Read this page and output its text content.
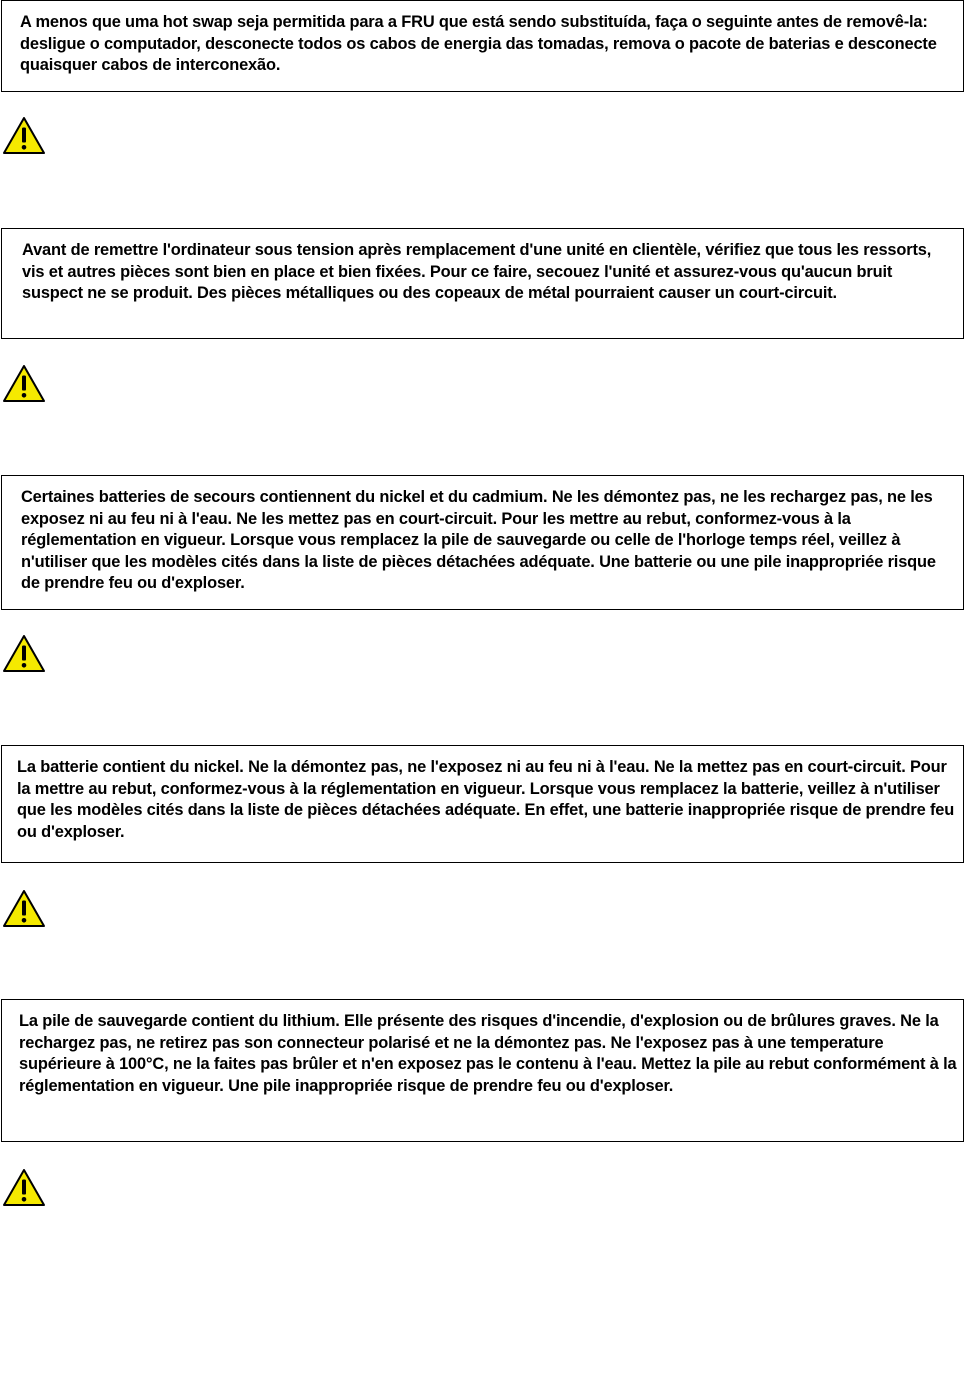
A menos que uma hot swap seja permitida para a FRU que está sendo substituída, faça o seguinte antes de removê-la: desligue o computador, desconecte todos os cabos de energia das tomadas, remova o pacote de baterias e desconecte quaisquer cabos de interconexão.
Avant de remettre l'ordinateur sous tension après remplacement d'une unité en clientèle, vérifiez que tous les ressorts, vis et autres pièces sont bien en place et bien fixées. Pour ce faire, secouez l'unité et assurez-vous qu'aucun bruit suspect ne se produit. Des pièces métalliques ou des copeaux de métal pourraient causer un court-circuit.
Certaines batteries de secours contiennent du nickel et du cadmium. Ne les démontez pas, ne les rechargez pas, ne les exposez ni au feu ni à l'eau. Ne les mettez pas en court-circuit. Pour les mettre au rebut, conformez-vous à la réglementation en vigueur. Lorsque vous remplacez la pile de sauvegarde ou celle de l'horloge temps réel, veillez à n'utiliser que les modèles cités dans la liste de pièces détachées adéquate. Une batterie ou une pile inappropriée risque de prendre feu ou d'exploser.
La batterie contient du nickel. Ne la démontez pas, ne l'exposez ni au feu ni à l'eau. Ne la mettez pas en court-circuit. Pour la mettre au rebut, conformez-vous à la réglementation en vigueur. Lorsque vous remplacez la batterie, veillez à n'utiliser que les modèles cités dans la liste de pièces détachées adéquate. En effet, une batterie inappropriée risque de prendre feu ou d'exploser.
La pile de sauvegarde contient du lithium. Elle présente des risques d'incendie, d'explosion ou de brûlures graves. Ne la rechargez pas, ne retirez pas son connecteur polarisé et ne la démontez pas. Ne l'exposez pas à une temperature supérieure à 100°C, ne la faites pas brûler et n'en exposez pas le contenu à l'eau. Mettez la pile au rebut conformément à la réglementation en vigueur. Une pile inappropriée risque de prendre feu ou d'exploser.
